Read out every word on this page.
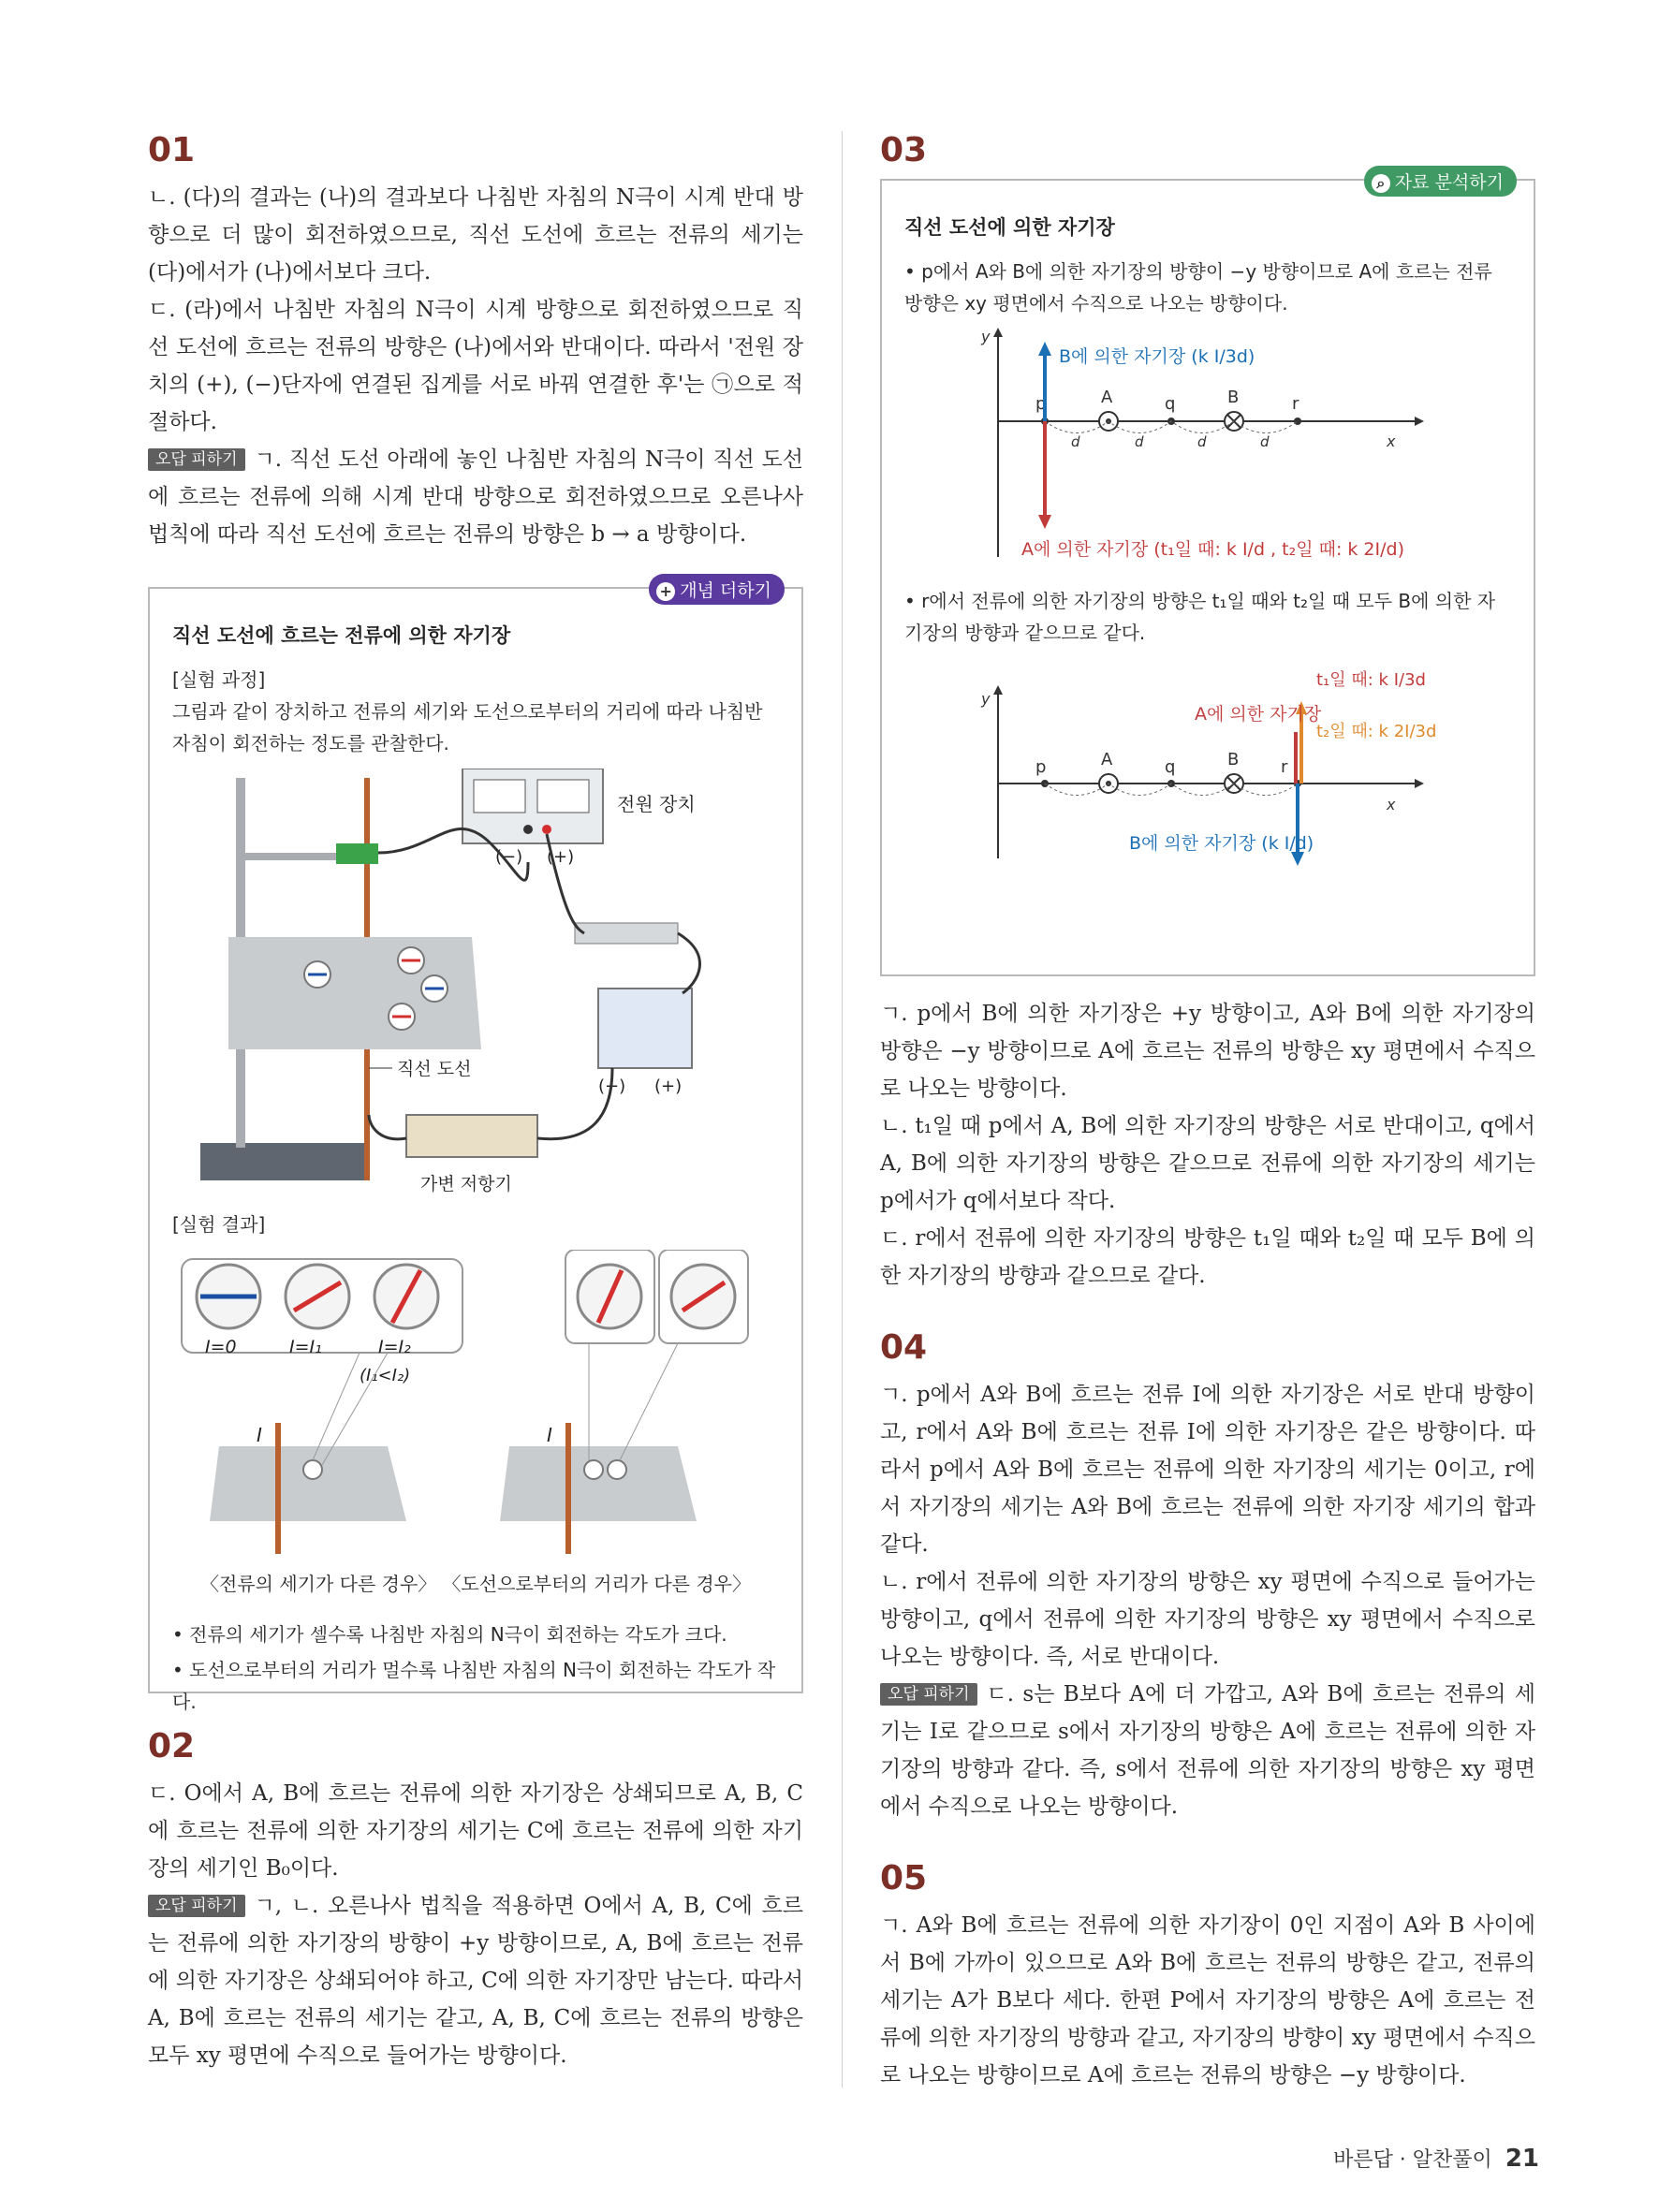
01

ㄴ. (다)의 결과는 (나)의 결과보다 나침반 자침의 N극이 시계 반대 방향으로 더 많이 회전하였으므로, 직선 도선에 흐르는 전류의 세기는 (다)에서가 (나)에서보다 크다.

ㄷ. (라)에서 나침반 자침의 N극이 시계 방향으로 회전하였으므로 직선 도선에 흐르는 전류의 방향은 (나)에서와 반대이다. 따라서 '전원 장치의 (+), (−)단자에 연결된 집게를 서로 바꿔 연결한 후'는 ㉠으로 적절하다.

오답 피하기 ㄱ. 직선 도선 아래에 놓인 나침반 자침의 N극이 직선 도선에 흐르는 전류에 의해 시계 반대 방향으로 회전하였으므로 오른나사 법칙에 따라 직선 도선에 흐르는 전류의 방향은 b → a 방향이다.

+ 개념 더하기
직선 도선에 흐르는 전류에 의한 자기장

[실험 과정]

그림과 같이 장치하고 전류의 세기와 도선으로부터의 거리에 따라 나침반 자침이 회전하는 정도를 관찰한다.

전원 장치
(−) (+)
(−) (+)
가변 저항기
직선 도선

[실험 결과]

I=0	I=I₁	I=I₂
(I₁<I₂)
I	I
〈전류의 세기가 다른 경우〉 〈도선으로부터의 거리가 다른 경우〉

• 전류의 세기가 셀수록 나침반 자침의 N극이 회전하는 각도가 크다.

• 도선으로부터의 거리가 멀수록 나침반 자침의 N극이 회전하는 각도가 작다.

02

ㄷ. O에서 A, B에 흐르는 전류에 의한 자기장은 상쇄되므로 A, B, C에 흐르는 전류에 의한 자기장의 세기는 C에 흐르는 전류에 의한 자기장의 세기인 B₀이다.

오답 피하기 ㄱ, ㄴ. 오른나사 법칙을 적용하면 O에서 A, B, C에 흐르는 전류에 의한 자기장의 방향이 +y 방향이므로, A, B에 흐르는 전류에 의한 자기장은 상쇄되어야 하고, C에 의한 자기장만 남는다. 따라서 A, B에 흐르는 전류의 세기는 같고, A, B, C에 흐르는 전류의 방향은 모두 xy 평면에 수직으로 들어가는 방향이다.

03
⌕ 자료 분석하기
직선 도선에 의한 자기장

• p에서 A와 B에 의한 자기장의 방향이 −y 방향이므로 A에 흐르는 전류 방향은 xy 평면에서 수직으로 나오는 방향이다.

y
x
p	A	q	B	r
d	d	d	d
B에 의한 자기장 (k I/3d)
A에 의한 자기장 (t₁일 때: k I/d , t₂일 때: k 2I/d)

• r에서 전류에 의한 자기장의 방향은 t₁일 때와 t₂일 때 모두 B에 의한 자기장의 방향과 같으므로 같다.

y
x
p	A	q	B r
A에 의한 자기장
t₁일 때: k I/3d
t₂일 때: k 2I/3d
B에 의한 자기장 (k I/d)

ㄱ. p에서 B에 의한 자기장은 +y 방향이고, A와 B에 의한 자기장의 방향은 −y 방향이므로 A에 흐르는 전류의 방향은 xy 평면에서 수직으로 나오는 방향이다.

ㄴ. t₁일 때 p에서 A, B에 의한 자기장의 방향은 서로 반대이고, q에서 A, B에 의한 자기장의 방향은 같으므로 전류에 의한 자기장의 세기는 p에서가 q에서보다 작다.

ㄷ. r에서 전류에 의한 자기장의 방향은 t₁일 때와 t₂일 때 모두 B에 의한 자기장의 방향과 같으므로 같다.

04

ㄱ. p에서 A와 B에 흐르는 전류 I에 의한 자기장은 서로 반대 방향이고, r에서 A와 B에 흐르는 전류 I에 의한 자기장은 같은 방향이다. 따라서 p에서 A와 B에 흐르는 전류에 의한 자기장의 세기는 0이고, r에서 자기장의 세기는 A와 B에 흐르는 전류에 의한 자기장 세기의 합과 같다.

ㄴ. r에서 전류에 의한 자기장의 방향은 xy 평면에 수직으로 들어가는 방향이고, q에서 전류에 의한 자기장의 방향은 xy 평면에서 수직으로 나오는 방향이다. 즉, 서로 반대이다.

오답 피하기 ㄷ. s는 B보다 A에 더 가깝고, A와 B에 흐르는 전류의 세기는 I로 같으므로 s에서 자기장의 방향은 A에 흐르는 전류에 의한 자기장의 방향과 같다. 즉, s에서 전류에 의한 자기장의 방향은 xy 평면에서 수직으로 나오는 방향이다.

05

ㄱ. A와 B에 흐르는 전류에 의한 자기장이 0인 지점이 A와 B 사이에서 B에 가까이 있으므로 A와 B에 흐르는 전류의 방향은 같고, 전류의 세기는 A가 B보다 세다. 한편 P에서 자기장의 방향은 A에 흐르는 전류에 의한 자기장의 방향과 같고, 자기장의 방향이 xy 평면에서 수직으로 나오는 방향이므로 A에 흐르는 전류의 방향은 −y 방향이다.

바른답 · 알찬풀이 21
